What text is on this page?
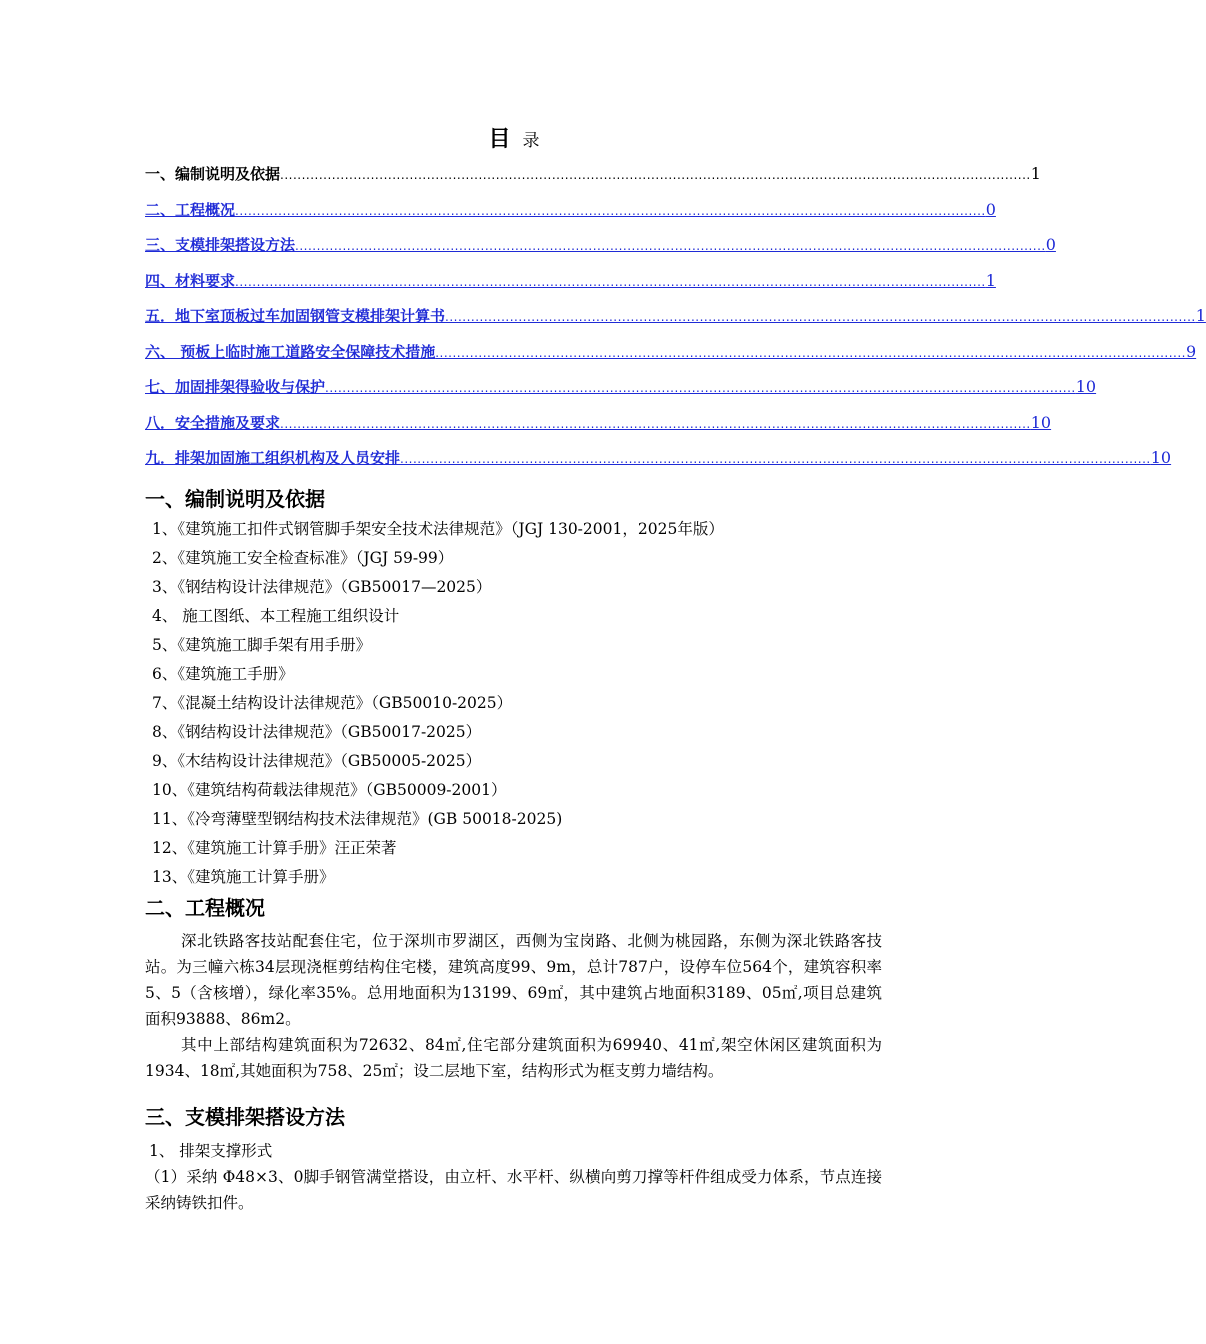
目 录
一、编制说明及依据 .............................................................................................................................................................................. 1
二、工程概况 .............................................................................................................................................................................. 0
三、支模排架搭设方法 .............................................................................................................................................................................. 0
四、材料要求 .............................................................................................................................................................................. 1
五．地下室顶板过车加固钢管支模排架计算书 .............................................................................................................................................................................. 1
六、 预板上临时施工道路安全保障技术措施 .............................................................................................................................................................................. 9
七、加固排架得验收与保护 .............................................................................................................................................................................. 10
八．安全措施及要求 .............................................................................................................................................................................. 10
九．排架加固施工组织机构及人员安排 .............................................................................................................................................................................. 10
一、编制说明及依据
1、《建筑施工扣件式钢管脚手架安全技术法律规范》（JGJ 130-2001，2025年版）
2、《建筑施工安全检查标准》（JGJ 59-99）
3、《钢结构设计法律规范》（GB50017—2025）
4、 施工图纸、本工程施工组织设计
5、《建筑施工脚手架有用手册》
6、《建筑施工手册》
7、《混凝土结构设计法律规范》（GB50010-2025）
8、《钢结构设计法律规范》（GB50017-2025）
9、《木结构设计法律规范》（GB50005-2025）
10、《建筑结构荷载法律规范》（GB50009-2001）
11、《冷弯薄壁型钢结构技术法律规范》(GB 50018-2025)
12、《建筑施工计算手册》汪正荣著
13、《建筑施工计算手册》
二、工程概况

深北铁路客技站配套住宅，位于深圳市罗湖区，西侧为宝岗路、北侧为桃园路，东侧为深北铁路客技站。为三幢六栋34层现浇框剪结构住宅楼，建筑高度99、9m，总计787户，设停车位564个，建筑容积率5、5（含核增），绿化率35%。总用地面积为13199、69㎡，其中建筑占地面积3189、05㎡,项目总建筑面积93888、86m2。

其中上部结构建筑面积为72632、84㎡,住宅部分建筑面积为69940、41㎡,架空休闲区建筑面积为1934、18㎡,其她面积为758、25㎡；设二层地下室，结构形式为框支剪力墙结构。

三、支模排架搭设方法
1、 排架支撑形式
（1）采纳 Φ48×3、0脚手钢管满堂搭设，由立杆、水平杆、纵横向剪刀撑等杆件组成受力体系，节点连接采纳铸铁扣件。
